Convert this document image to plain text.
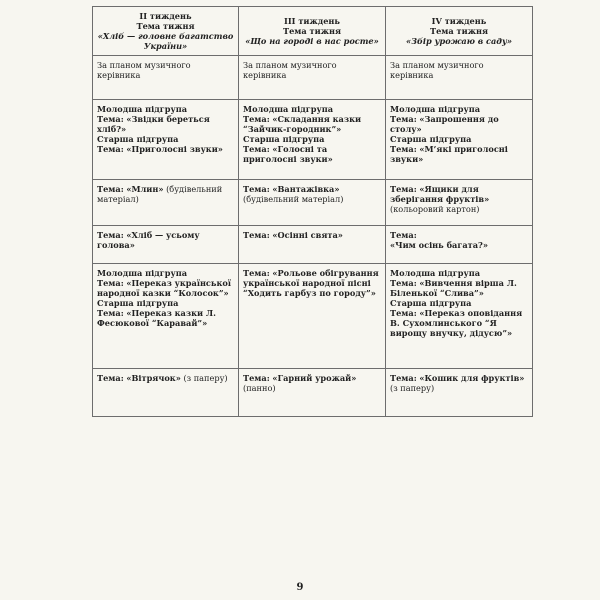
II тиждень
Тема тижня
«Хліб — головне багатство України»	III тиждень
Тема тижня
«Що на городі в нас росте»	IV тиждень
Тема тижня
«Збір урожаю в саду»

За планом музичного керівника	За планом музичного керівника	За планом музичного керівника

Молодша підгрупа
Тема: «Звідки береться хліб?»
Старша підгрупа
Тема: «Приголосні звуки»	Молодша підгрупа
Тема: «Складання казки “Зайчик-городник”»
Старша підгрупа
Тема: «Голосні та приголосні звуки»	Молодша підгрупа
Тема: «Запрошення до столу»
Старша підгрупа
Тема: «М’які приголосні звуки»

Тема: «Млин» (будівельний матеріал)	Тема: «Вантажівка» (будівельний матеріал)	Тема: «Ящики для зберігання фруктів» (кольоровий картон)
Тема: «Хліб — усьому голова»	Тема: «Осінні свята»	Тема:
«Чим осінь багата?»

Молодша підгрупа
Тема: «Переказ української народної казки “Колосок”»
Старша підгрупа
Тема: «Переказ казки Л. Фесюкової “Каравай”»	Тема: «Рольове обігрування української народної пісні “Ходить гарбуз по городу”»	Молодша підгрупа
Тема: «Вивчення вірша Л. Біленької “Слива”»
Старша підгрупа
Тема: «Переказ оповідання В. Сухомлинського “Я вирощу внучку, дідусю”»

Тема: «Вітрячок» (з паперу)	Тема: «Гарний урожай» (панно)	Тема: «Кошик для фруктів» (з паперу)
9
